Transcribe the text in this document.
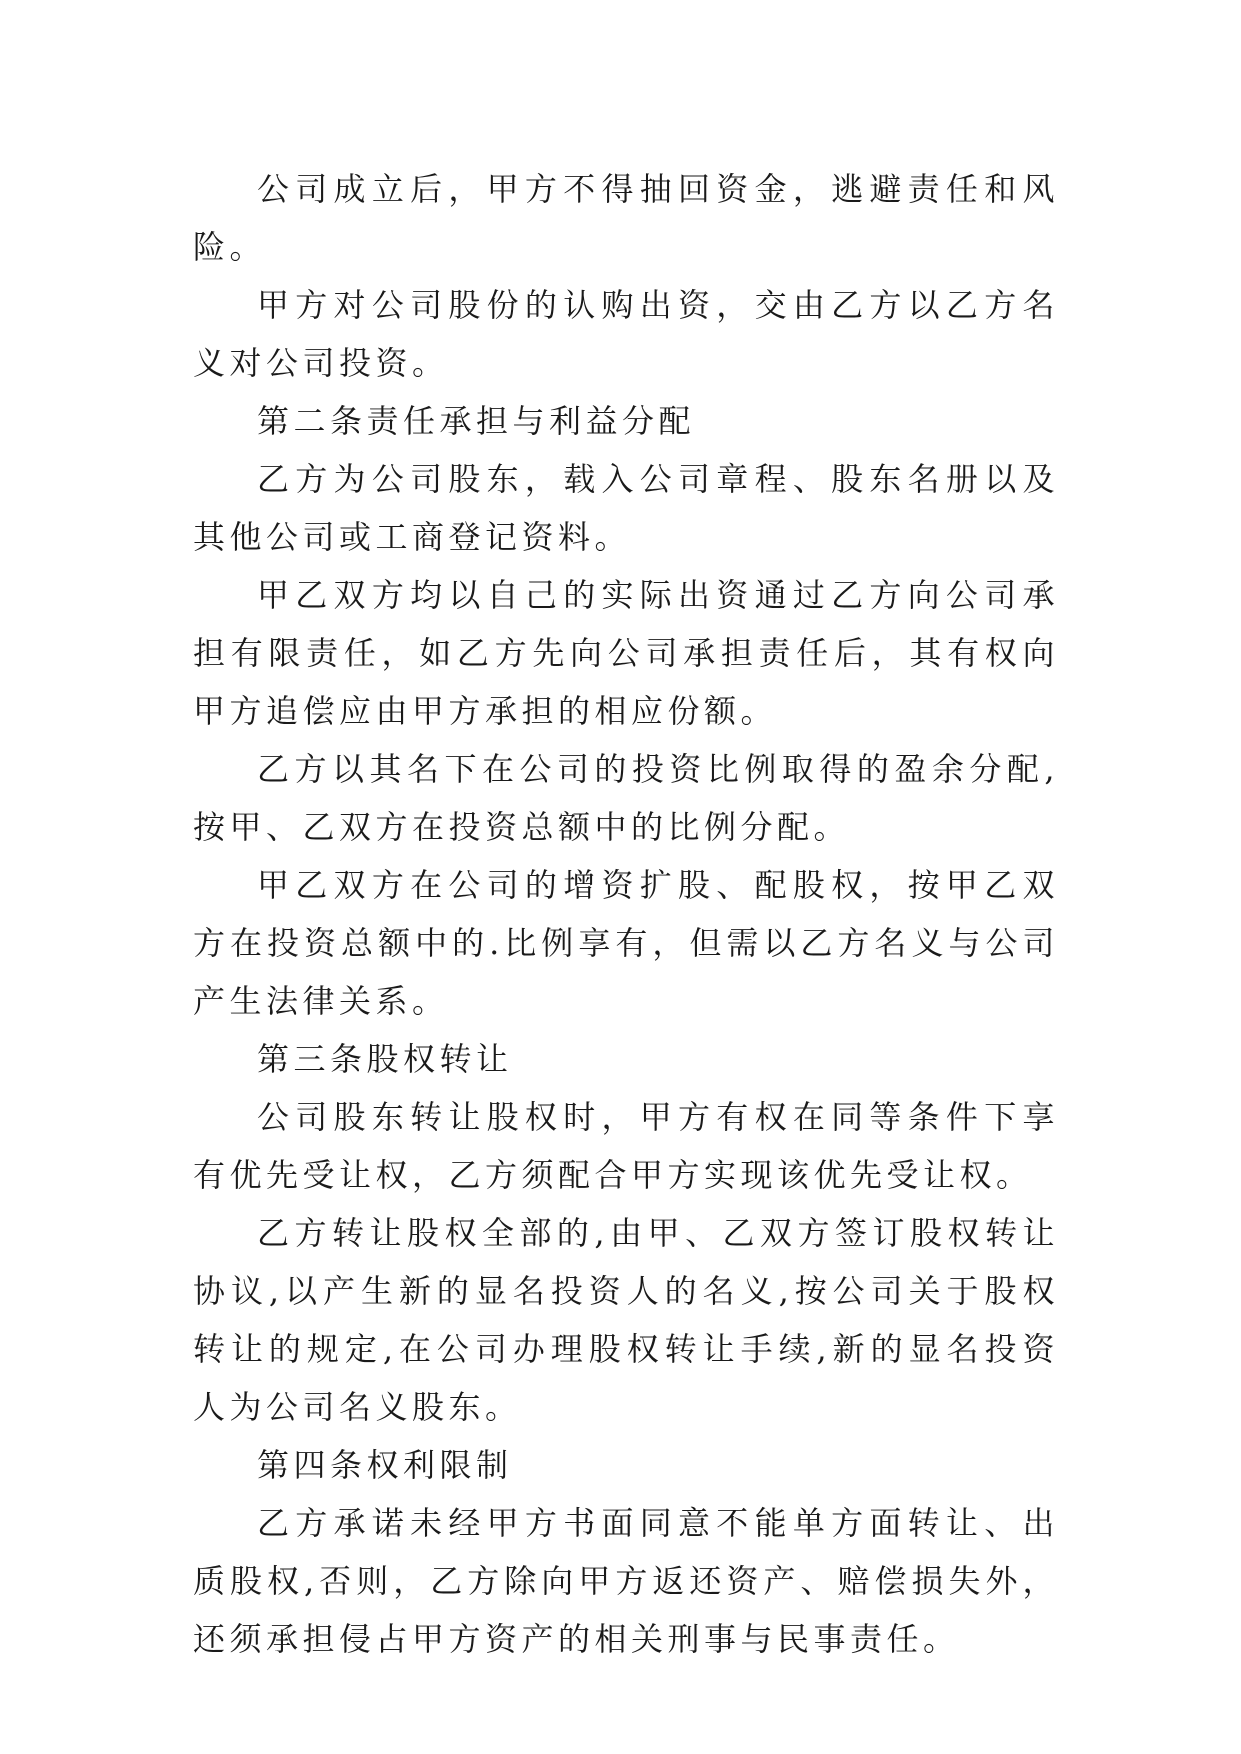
公司成立后，甲方不得抽回资金，逃避责任和风险。

甲方对公司股份的认购出资，交由乙方以乙方名义对公司投资。

第二条责任承担与利益分配

乙方为公司股东，载入公司章程、股东名册以及其他公司或工商登记资料。

甲乙双方均以自己的实际出资通过乙方向公司承担有限责任，如乙方先向公司承担责任后，其有权向甲方追偿应由甲方承担的相应份额。

乙方以其名下在公司的投资比例取得的盈余分配,按甲、乙双方在投资总额中的比例分配。

甲乙双方在公司的增资扩股、配股权，按甲乙双方在投资总额中的.比例享有，但需以乙方名义与公司产生法律关系。

第三条股权转让

公司股东转让股权时，甲方有权在同等条件下享有优先受让权，乙方须配合甲方实现该优先受让权。

乙方转让股权全部的,由甲、乙双方签订股权转让协议,以产生新的显名投资人的名义,按公司关于股权转让的规定,在公司办理股权转让手续,新的显名投资人为公司名义股东。

第四条权利限制

乙方承诺未经甲方书面同意不能单方面转让、出质股权,否则，乙方除向甲方返还资产、赔偿损失外，还须承担侵占甲方资产的相关刑事与民事责任。
